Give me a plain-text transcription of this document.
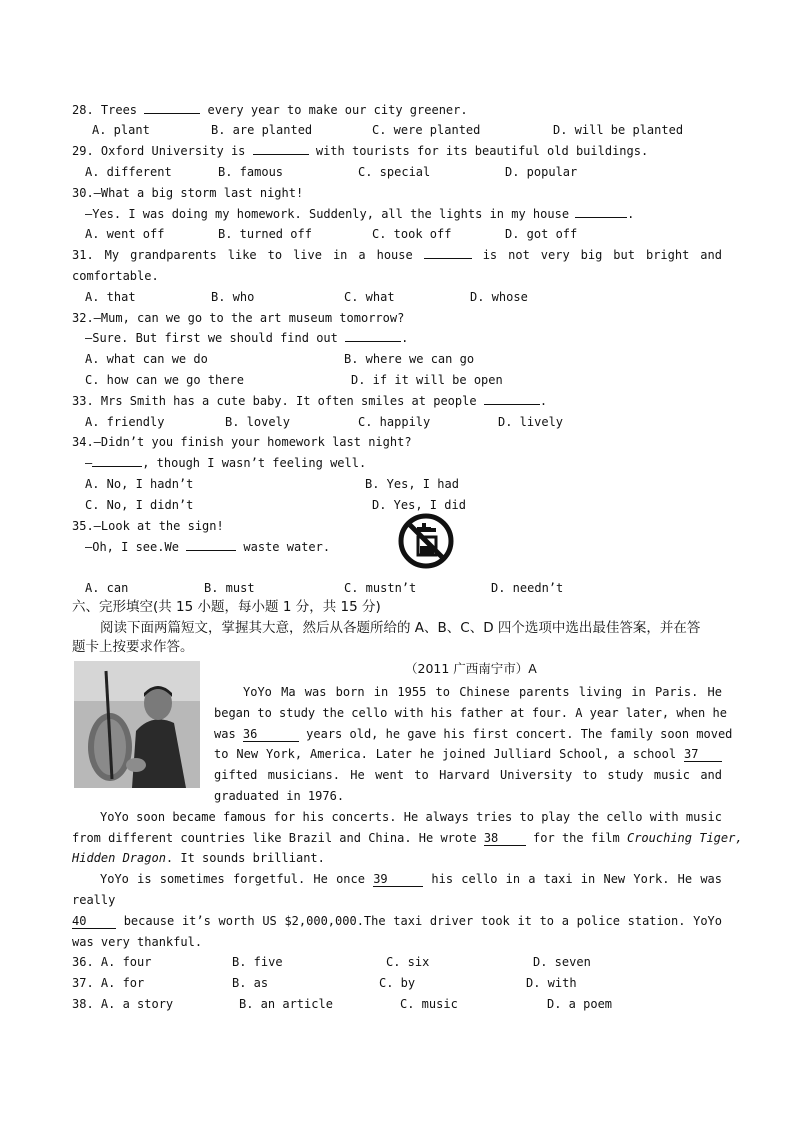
28. Trees	every year to make our city greener.
A. plant	B. are planted	C. were planted	D. will be planted
29. Oxford University is	with tourists for its beautiful old buildings.
A. different	B. famous	C. special	D. popular
30.—What a big storm last night!
—Yes. I was doing my homework. Suddenly, all the lights in my house	.
A. went off	B. turned off	C. took off	D. got off
31. My grandparents like to live in a house	is not very big but bright and
comfortable.
A. that	B. who	C. what	D. whose
32.—Mum, can we go to the art museum tomorrow?
—Sure. But first we should find out	.
A. what can we do	B. where we can go
C. how can we go there	D. if it will be open
33. Mrs Smith has a cute baby. It often smiles at people	.
A. friendly	B. lovely	C. happily	D. lively
34.—Didn’t you finish your homework last night?
—	, though I wasn’t feeling well.
A. No, I hadn’t	B. Yes, I had
C. No, I didn’t	D. Yes, I did
35.—Look at the sign!
—Oh, I see.We	waste water.
A. can	B. must	C. mustn’t	D. needn’t
六、完形填空(共 15 小题，每小题 1 分，共 15 分)
阅读下面两篇短文，掌握其大意，然后从各题所给的 A、B、C、D 四个选项中选出最佳答案，并在答
题卡上按要求作答。
（2011 广西南宁市）A
YoYo Ma was born in 1955 to Chinese parents living in Paris. He
began to study the cello with his father at four. A year later, when he
was 36	years old, he gave his first concert. The family soon moved
to New York, America. Later he joined Julliard School, a school 37
gifted musicians. He went to Harvard University to study music and
graduated in 1976.
YoYo soon became famous for his concerts. He always tries to play the cello with music
from different countries like Brazil and China. He wrote 38	for the film Crouching Tiger,
Hidden Dragon. It sounds brilliant.
YoYo is sometimes forgetful. He once 39	his cello in a taxi in New York. He was
really
40	because it’s worth US $2,000,000.The taxi driver took it to a police station. YoYo
was very thankful.
36. A. four	B. five	C. six	D. seven
37. A. for	B. as	C. by	D. with
38. A. a story	B. an article	C. music	D. a poem
